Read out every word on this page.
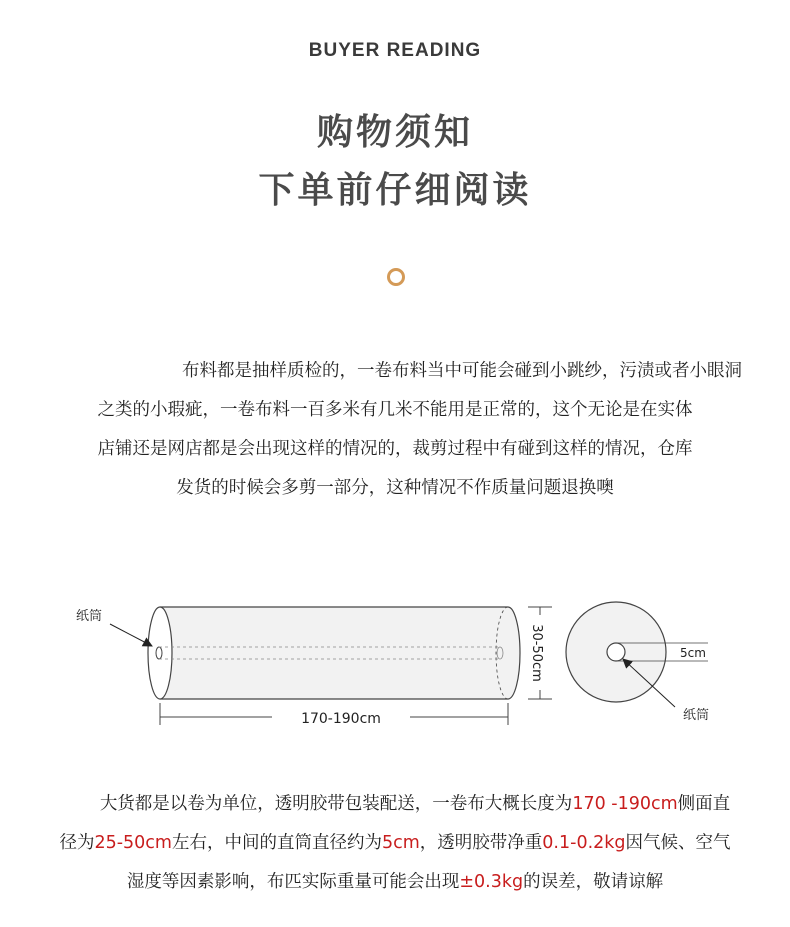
BUYER READING
购物须知
下单前仔细阅读

布料都是抽样质检的，一卷布料当中可能会碰到小跳纱，污渍或者小眼洞

之类的小瑕疵，一卷布料一百多米有几米不能用是正常的，这个无论是在实体

店铺还是网店都是会出现这样的情况的，裁剪过程中有碰到这样的情况，仓库

发货的时候会多剪一部分，这种情况不作质量问题退换噢

纸筒
170-190cm
30-50cm	5cm
纸筒

大货都是以卷为单位，透明胶带包装配送，一卷布大概长度为170 -190cm侧面直

径为25-50cm左右，中间的直筒直径约为5cm，透明胶带净重0.1-0.2kg因气候、空气

湿度等因素影响，布匹实际重量可能会出现±0.3kg的误差，敬请谅解
